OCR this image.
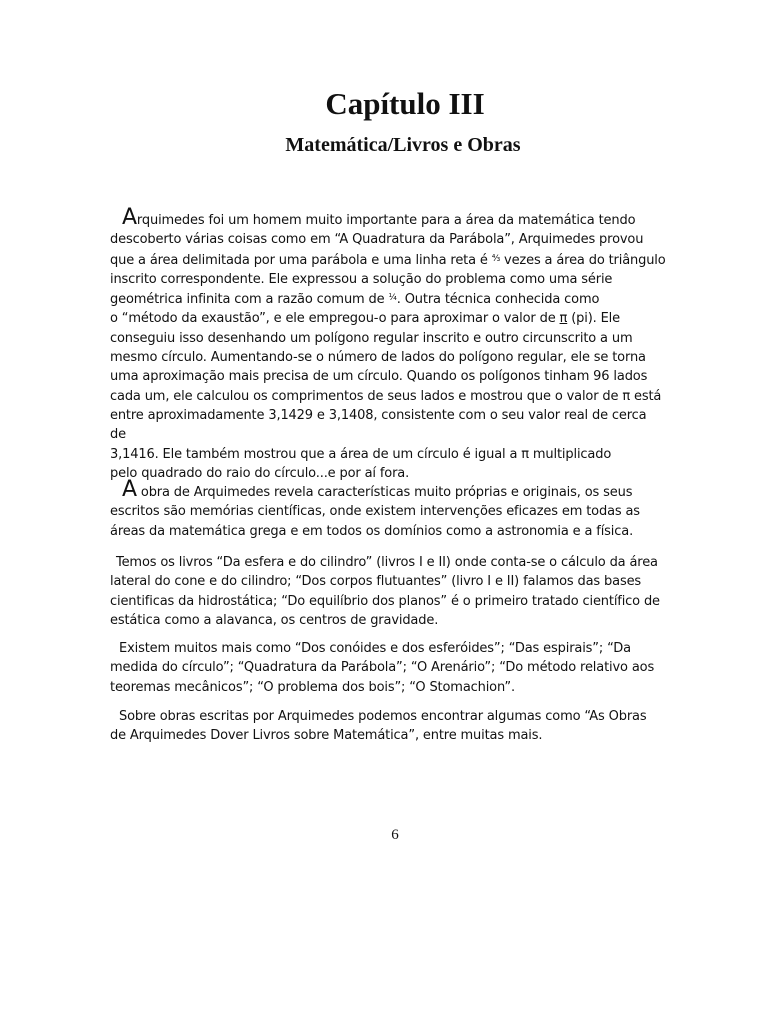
Capítulo III
Matemática/Livros e Obras

Arquimedes foi um homem muito importante para a área da matemática tendo

descoberto várias coisas como em “A Quadratura da Parábola”, Arquimedes provou

que a área delimitada por uma parábola e uma linha reta é $^{^4⁄_3}$ vezes a área do triângulo

inscrito correspondente. Ele expressou a solução do problema como uma série

geométrica infinita com a razão comum de $^{^1⁄_4}$. Outra técnica conhecida como

o “método da exaustão”, e ele empregou-o para aproximar o valor de π (pi). Ele

conseguiu isso desenhando um polígono regular inscrito e outro circunscrito a um

mesmo círculo. Aumentando-se o número de lados do polígono regular, ele se torna

uma aproximação mais precisa de um círculo. Quando os polígonos tinham 96 lados

cada um, ele calculou os comprimentos de seus lados e mostrou que o valor de π está

entre aproximadamente 3,1429 e 3,1408, consistente com o seu valor real de cerca de

3,1416. Ele também mostrou que a área de um círculo é igual a π multiplicado

pelo quadrado do raio do círculo...e por aí fora.

A obra de Arquimedes revela características muito próprias e originais, os seus

escritos são memórias científicas, onde existem intervenções eficazes em todas as

áreas da matemática grega e em todos os domínios como a astronomia e a física.

Temos os livros “Da esfera e do cilindro” (livros I e II) onde conta-se o cálculo da área

lateral do cone e do cilindro; “Dos corpos flutuantes” (livro I e II) falamos das bases

cientificas da hidrostática; “Do equilíbrio dos planos” é o primeiro tratado científico de

estática como a alavanca, os centros de gravidade.

Existem muitos mais como “Dos conóides e dos esferóides”; “Das espirais”; “Da

medida do círculo”; “Quadratura da Parábola”; “O Arenário”; “Do método relativo aos

teoremas mecânicos”; “O problema dos bois”; “O Stomachion”.

Sobre obras escritas por Arquimedes podemos encontrar algumas como “As Obras

de Arquimedes Dover Livros sobre Matemática”, entre muitas mais.

6
